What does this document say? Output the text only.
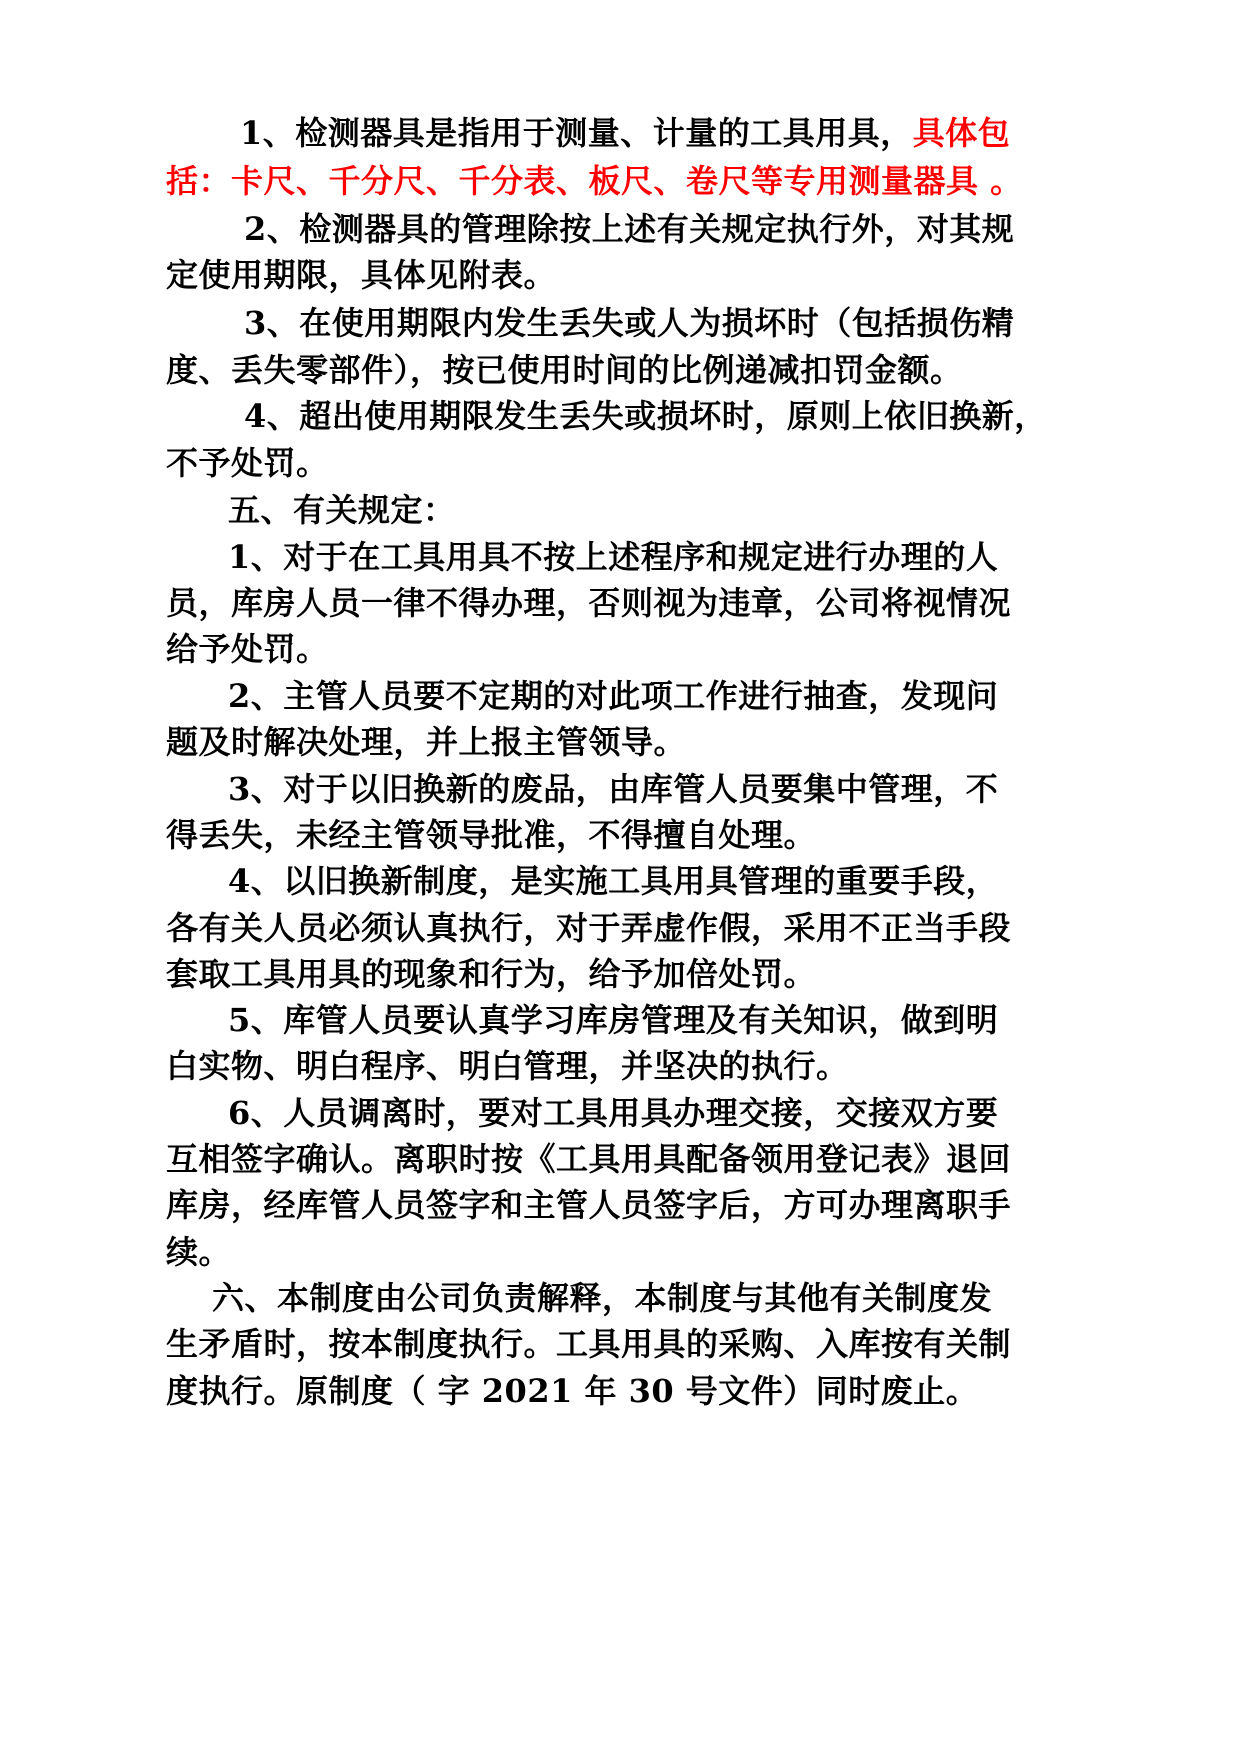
1、检测器具是指用于测量、计量的工具用具，具体包
括：卡尺、千分尺、千分表、板尺、卷尺等专用测量器具 。
2、检测器具的管理除按上述有关规定执行外，对其规
定使用期限，具体见附表。
3、在使用期限内发生丢失或人为损坏时（包括损伤精
度、丢失零部件），按已使用时间的比例递减扣罚金额。
4、超出使用期限发生丢失或损坏时，原则上依旧换新，
不予处罚。
五、有关规定：
1、对于在工具用具不按上述程序和规定进行办理的人
员，库房人员一律不得办理，否则视为违章，公司将视情况
给予处罚。
2、主管人员要不定期的对此项工作进行抽查，发现问
题及时解决处理，并上报主管领导。
3、对于以旧换新的废品，由库管人员要集中管理，不
得丢失，未经主管领导批准，不得擅自处理。
4、以旧换新制度，是实施工具用具管理的重要手段，
各有关人员必须认真执行，对于弄虚作假，采用不正当手段
套取工具用具的现象和行为，给予加倍处罚。
5、库管人员要认真学习库房管理及有关知识，做到明
白实物、明白程序、明白管理，并坚决的执行。
6、人员调离时，要对工具用具办理交接，交接双方要
互相签字确认。离职时按《工具用具配备领用登记表》退回
库房，经库管人员签字和主管人员签字后，方可办理离职手
续。
六、本制度由公司负责解释，本制度与其他有关制度发
生矛盾时，按本制度执行。工具用具的采购、入库按有关制
度执行。原制度（ 字 2021 年 30 号文件）同时废止。
